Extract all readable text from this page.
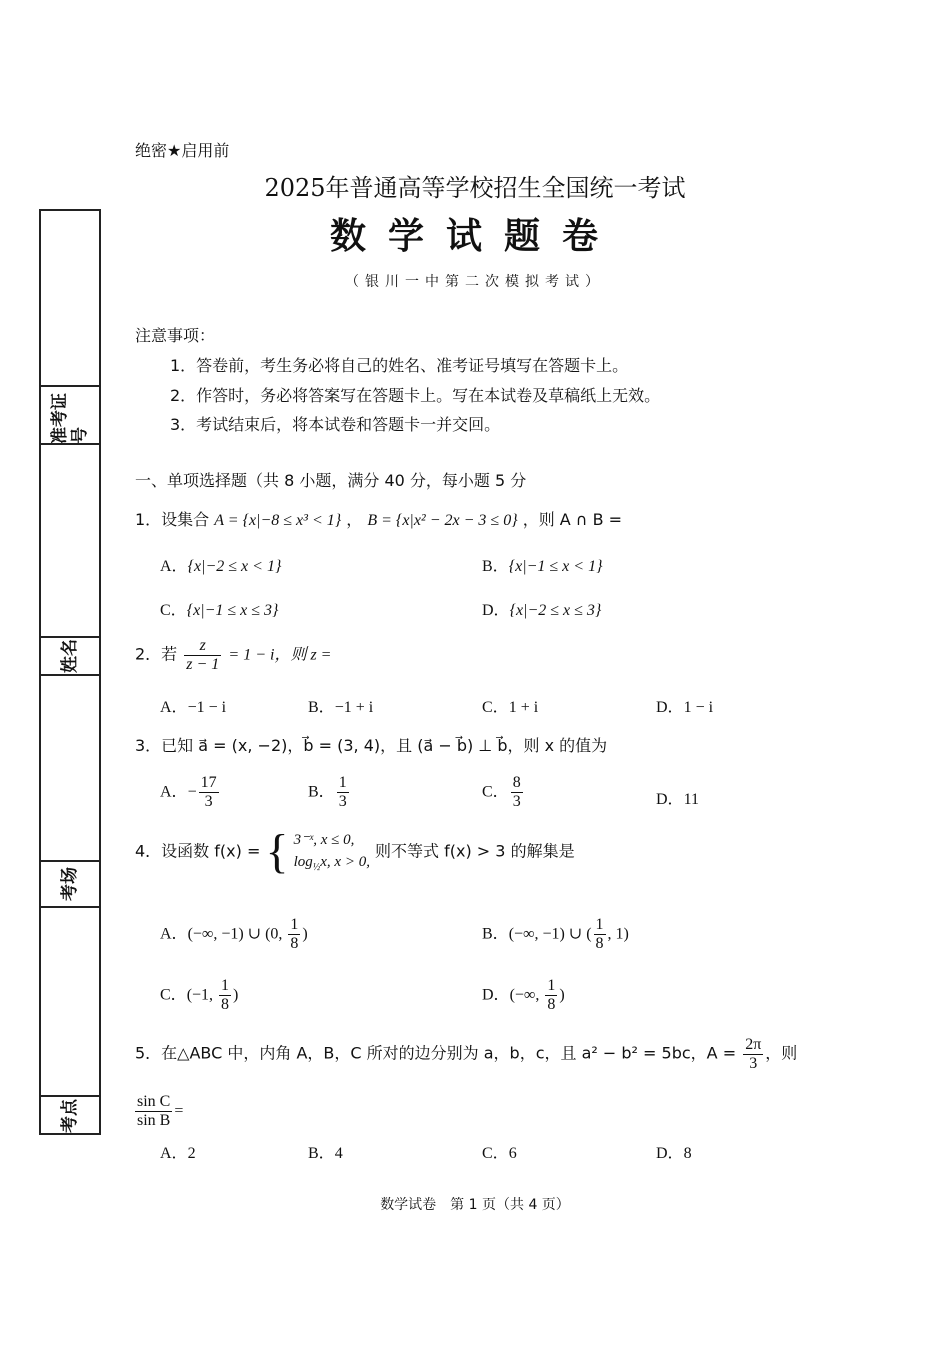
准考证号
姓名
考场
考点
绝密★启用前
2025年普通高等学校招生全国统一考试
数学试题卷
（银川一中第二次模拟考试）
注意事项：
1．答卷前，考生务必将自己的姓名、准考证号填写在答题卡上。
2．作答时，务必将答案写在答题卡上。写在本试卷及草稿纸上无效。
3．考试结束后，将本试卷和答题卡一并交回。
一、单项选择题（共 8 小题，满分 40 分，每小题 5 分
1．设集合 A = {x|−8 ≤ x³ < 1} ， B = {x|x² − 2x − 3 ≤ 0} ，则 A ∩ B =
A．{x|−2 ≤ x < 1}	B．{x|−1 ≤ x < 1}
C．{x|−1 ≤ x ≤ 3}	D．{x|−2 ≤ x ≤ 3}
2．若 $\frac{z}{z - 1} = 1 - i$，则 z =
A．−1 − i	B．−1 + i	C．1 + i	D．1 − i
3．已知 a⃗ = (x, −2)，b⃗ = (3, 4)，且 (a⃗ − b⃗) ⊥ b⃗，则 x 的值为
A．− $\frac{17}{3}$	B． $\frac{1}{3}$	C． $\frac{8}{3}$	D．11
4．设函数 f(x) = { 3⁻ˣ, x ≤ 0,
$\log_{\frac{1}{2}}x$, x > 0,
则不等式 f(x) > 3 的解集是
A．(−∞, −1) ∪ (0, $\frac{1}{8}$ )	B．(−∞, −1) ∪ ( $\frac{1}{8}$ , 1)
C．(−1, $\frac{1}{8}$ )	D．(−∞, $\frac{1}{8}$ )
5．在△ABC 中，内角 A，B，C 所对的边分别为 a，b，c，且 a² − b² = 5bc，$A = \frac{2\pi}{3}$ ，则
$\frac{\text{sin C}}{\text{sin B}}$ =
A．2	B．4	C．6	D．8
数学试卷　第 1 页（共 4 页）
